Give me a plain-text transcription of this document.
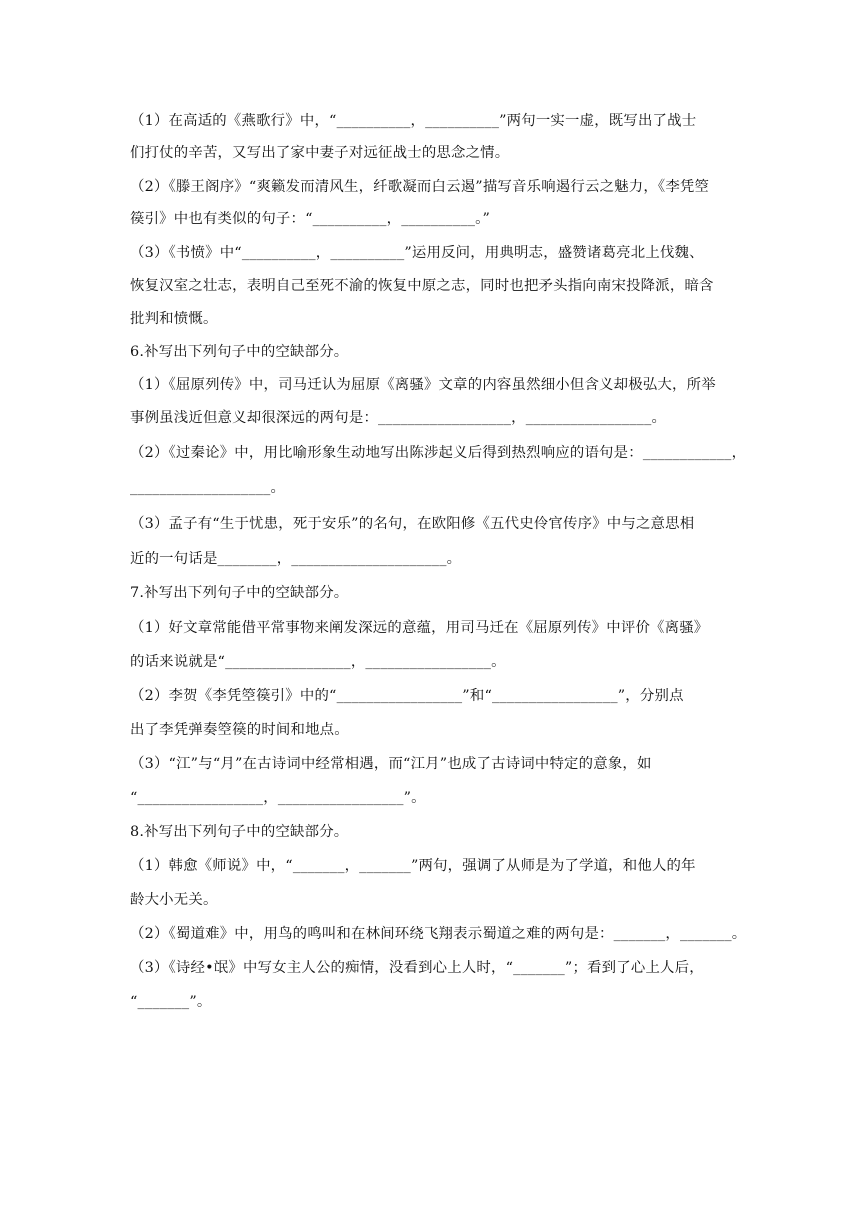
（1）在高适的《燕歌行》中，“__________，__________”两句一实一虚，既写出了战士
们打仗的辛苦，又写出了家中妻子对远征战士的思念之情。
（2）《滕王阁序》“爽籁发而清风生，纤歌凝而白云遏”描写音乐响遏行云之魅力，《李凭箜
篌引》中也有类似的句子：“__________，__________。”
（3）《书愤》中“__________，__________”运用反问，用典明志，盛赞诸葛亮北上伐魏、
恢复汉室之壮志，表明自己至死不渝的恢复中原之志，同时也把矛头指向南宋投降派，暗含
批判和愤慨。
6.补写出下列句子中的空缺部分。
（1）《屈原列传》中，司马迁认为屈原《离骚》文章的内容虽然细小但含义却极弘大，所举
事例虽浅近但意义却很深远的两句是：__________________，_________________。
（2）《过秦论》中，用比喻形象生动地写出陈涉起义后得到热烈响应的语句是：____________，
___________________。
（3）孟子有“生于忧患，死于安乐”的名句，在欧阳修《五代史伶官传序》中与之意思相
近的一句话是________，_____________________。
7.补写出下列句子中的空缺部分。
（1）好文章常能借平常事物来阐发深远的意蕴，用司马迁在《屈原列传》中评价《离骚》
的话来说就是“_________________，_________________。
（2）李贺《李凭箜篌引》中的“_________________”和“_________________”，分别点
出了李凭弹奏箜篌的时间和地点。
（3）“江”与“月”在古诗词中经常相遇，而“江月”也成了古诗词中特定的意象，如
“_________________，_________________”。
8.补写出下列句子中的空缺部分。
（1）韩愈《师说》中，“_______，_______”两句，强调了从师是为了学道，和他人的年
龄大小无关。
（2）《蜀道难》中，用鸟的鸣叫和在林间环绕飞翔表示蜀道之难的两句是：_______，_______。
（3）《诗经•氓》中写女主人公的痴情，没看到心上人时，“_______”；看到了心上人后，
“_______”。
